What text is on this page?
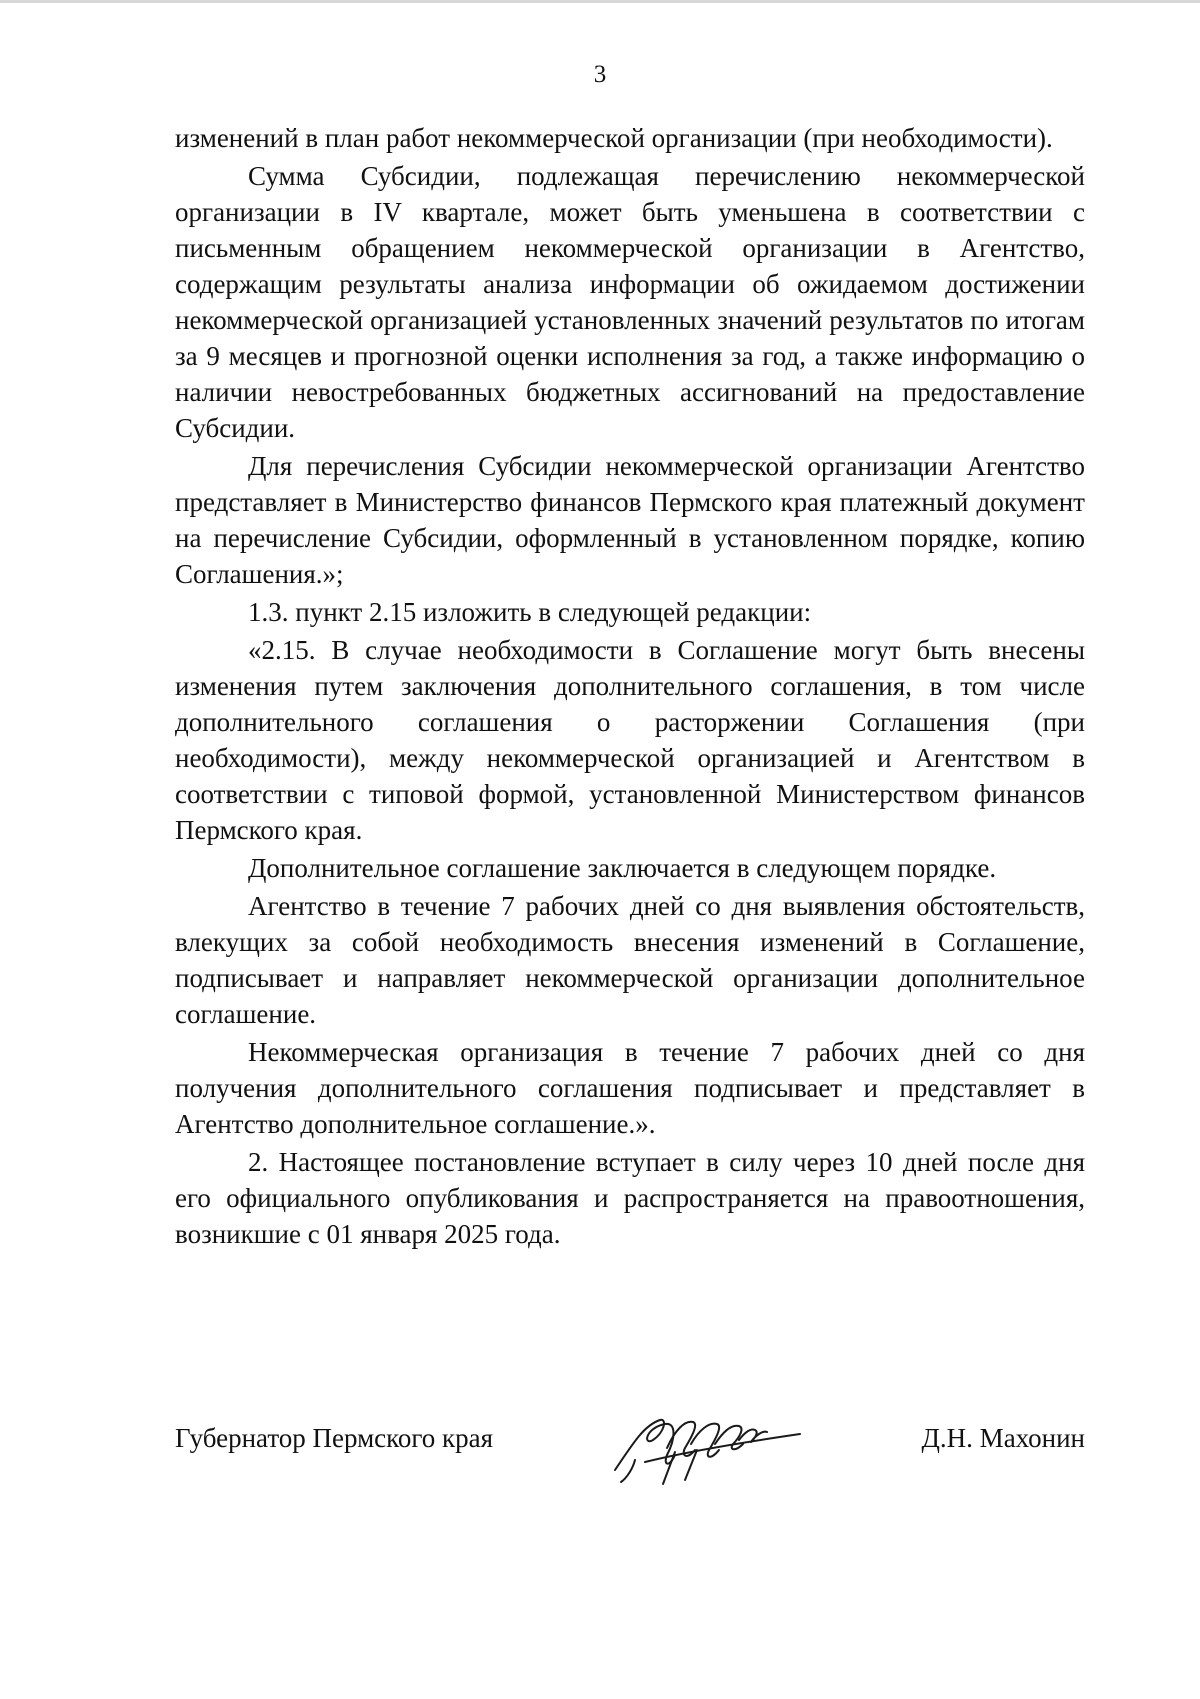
3

изменений в план работ некоммерческой организации (при необходимости).

Сумма Субсидии, подлежащая перечислению некоммерческой организации в IV квартале, может быть уменьшена в соответствии с письменным обращением некоммерческой организации в Агентство, содержащим результаты анализа информации об ожидаемом достижении некоммерческой организацией установленных значений результатов по итогам за 9 месяцев и прогнозной оценки исполнения за год, а также информацию о наличии невостребованных бюджетных ассигнований на предоставление Субсидии.

Для перечисления Субсидии некоммерческой организации Агентство представляет в Министерство финансов Пермского края платежный документ на перечисление Субсидии, оформленный в установленном порядке, копию Соглашения.»;

1.3. пункт 2.15 изложить в следующей редакции:

«2.15. В случае необходимости в Соглашение могут быть внесены изменения путем заключения дополнительного соглашения, в том числе дополнительного соглашения о расторжении Соглашения (при необходимости), между некоммерческой организацией и Агентством в соответствии с типовой формой, установленной Министерством финансов Пермского края.

Дополнительное соглашение заключается в следующем порядке.

Агентство в течение 7 рабочих дней со дня выявления обстоятельств, влекущих за собой необходимость внесения изменений в Соглашение, подписывает и направляет некоммерческой организации дополнительное соглашение.

Некоммерческая организация в течение 7 рабочих дней со дня получения дополнительного соглашения подписывает и представляет в Агентство дополнительное соглашение.».

2. Настоящее постановление вступает в силу через 10 дней после дня его официального опубликования и распространяется на правоотношения, возникшие с 01 января 2025 года.

Губернатор Пермского края	Д.Н. Махонин
